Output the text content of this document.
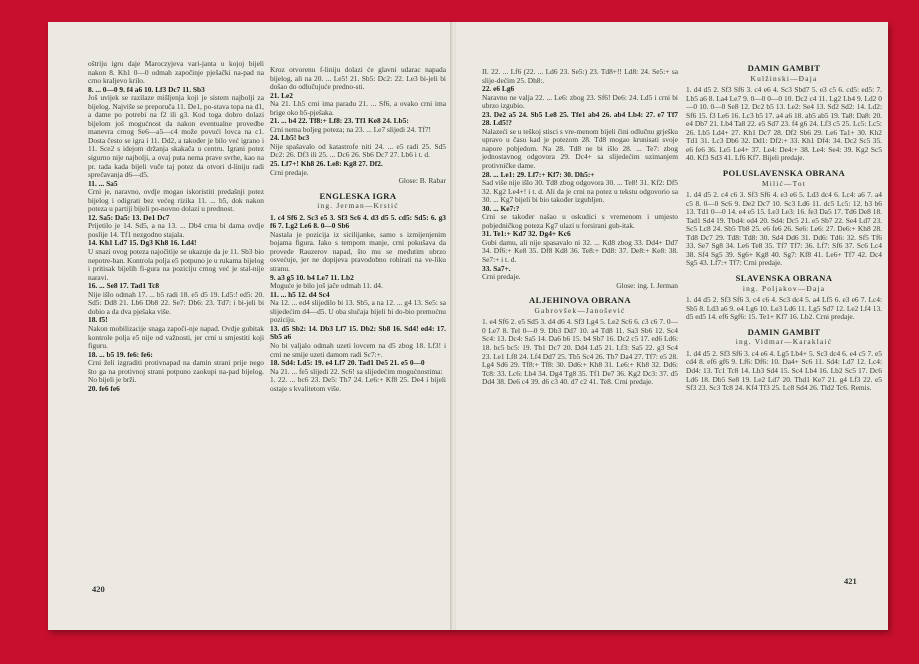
oštriju igru daje Maroczyjeva vari-janta u kojoj bijeli nakon 8. Kh1 0—0 odmah započinje pješački na-pad na crno kraljevo krilo.

8. ... 0—0 9. f4 a6 10. Lf3 Dc7 11. Sb3

Još uvijek se razilaze mišljenja koji je sistem najbolji za bijelog. Najviše se preporuča 11. De1, po-stava topa na d1, a dame po potrebi na f2 ili g3. Kod toga dobro dolazi bijelom još mogućnost da nakon eventualne provedbe manevra crnog Se6—a5—c4 može povući lovca na c1. Dosta često se igra i 11. Dd2, a također je bilo već igrano i 11. Sce2 s idejom držanja skakača u centru. Igrani potez sigurno nije najbolji, a ovaj puta nema prave svrhe, kao na pr. tada kada bijeli vuče taj potez da otvori d-liniju radi sprečavanja d6—d5.

11. ... Sa5

Crni je, naravno, ovdje mogao iskoristiti predašnji potez bijelog i odigrati bez većeg rizika 11. ... b5, dok nakon poteza u partiji bijeli po-novno dolazi u prednost.

12. Sa5: Da5: 13. De1 Dc7

Prijetilo je 14. Sd5, a na 13. ... Db4 crna bi dama ovdje poslije 14. Tf1 nezgodno stajala.

14. Kh1 Ld7 15. Dg3 Kh8 16. Ld4!

U snazi ovog poteza najočitije se ukazuje da je 11. Sb3 bio nepotre-ban. Kontrola polja e5 potpuno je u rukama bijelog i pritisak bijelih fi-gura na poziciju crnog već je stal-nije naravi.

16. ... Se8 17. Tad1 Tc8

Nije išlo odmah 17. ... b5 radi 18. e5 d5 19. Ld5:! ed5: 20. Sd5: Dd8 21. Lb6 Db8 22. Se7: Db6: 23. Td7: i bi-jeli bi dobio a da dva pješaka više.

18. f5!

Nakon mobilizacije snaga započi-nje napad. Ovdje gubitak kontrole polja e5 nije od važnosti, jer crni u smjestiti koji figuru.

18. ... b5 19. fe6: fe6:

Crni želi izgraditi protivnapad na damin strani prije nego što ga na protivnoj strani potpuno zaokupi na-pad bijelog. No bijeli je brži.

20. fe6 fe6

Kroz otvorenu f-liniju dolazi će glavni udarac napada bijelog, ali na 20. ... Le5! 21. Sb5: Dc2: 22. Le3 bi-jeli bi došao do odlučujuće predno-sti.

21. Le2

Na 21. Lh5 crni ima paradu 21. ... Sf6, a ovako crni ima brige oko b5-pješaka.

21. ... b4 22. Tf8:+ Lf8: 23. Tf1 Ke8 24. Lb5:

Crni nema boljeg poteza; na 23. ... Le7 slijedi 24. Tf7!

24. Lb5! bc3

Nije spašavalo od katastrofe niti 24. ... e5 radi 25. Sd5 Dc2: 26. Df3 ili 25. ... Dc6 26. Sb6 Dc7 27. Lb6 i t. d.

25. Lf7+! Kh8 26. Le8: Kg8 27. Df2.

Crni predaje.

Glose: B. Rabar

ENGLESKA IGRA

ing. Jerman—Krstić

1. c4 Sf6 2. Sc3 e5 3. Sf3 Sc6 4. d3 d5 5. cd5: Sd5: 6. g3 f6 7. Lg2 Le6 8. 0—0 Sb6

Nastala je pozicija iz sicilijanke, samo s izmijenjenim bojama figura. Iako s tempom manje, crni pokušava da provede Rauzerov napad, što mu se međutim ubrzo osvećuje, jer ne dopijeva pravodobno rohirati na ve-liku stranu.

9. a3 g5 10. b4 Le7 11. Lb2

Moguće je bilo još jače odmah 11. d4.

11. ... h5 12. d4 Sc4

Na 12. ... ed4 slijedilo bi 13. Sb5, a na 12. ... g4 13. Se5: sa slijedećim d4—d5. U oba slučaja bijeli bi do-bio premoćnu poziciju.

13. d5 Sb2: 14. Db3 Lf7 15. Db2: Sb8 16. Sd4! ed4: 17. Sb5 a6

No bi valjalo odmah uzeti lovcem na d5 zbog 18. Lf3! i crni ne smije uzeti damom radi Sc7:+.

18. Sd4: Ld5: 19. e4 Lf7 20. Tad1 De5 21. e5 0—0

Na 21. ... fe5 slijedi 22. Sc6! sa slijedećim mogućnostima:

1. 22. ... bc6 23. De5: Th7 24. Le6:+ Kf8 25. De4 i bijeli ostaje s kvalitetom više.

420

II. 22. ... Lf6 (22. ... Ld6 23. Se5:) 23. Td8+!! Ld8: 24. Se5:+ sa slije-dećim 25. Dh8:.

22. e6 Lg6

Naravno ne valja 22. ... Le6: zbog 23. Sf6! De6: 24. Ld5 i crni bi ubrzo izgubio.

23. De2 a5 24. Sb5 Le8 25. Tfe1 ab4 26. ab4 Lb4: 27. e7 Tf7 28. Ld5!?

Nalazeći se u teškoj stisci s vre-menom bijeli čini odlučnu grješku upravo u času kad je potezom 28. Td8 mogao krunisati svoje napore pobjedom. Na 28. Td8 ne bi išlo 28. ... Te7: zbog jednostavnog odgovora 29. Dc4+ sa slijedećim uzimanjem protivničke dame.

28. ... Le1: 29. Lf7:+ Kf7: 30. Dh5:+

Sad više nije išlo 30. Td8 zbog odgovora 30. ... Te8! 31. Kf2: Df5 32. Kg2 Le4+! i t. d. Ali da je crni na potez u tekstu odgovorio sa 30. ... Kg7 bijeli bi bio također izgubljen.

30. ... Ke7:?

Crni se također našao u oskudici s vremenom i umjesto pobjedničkog poteza Kg7 ulazi u forsirani gub-itak.

31. Te1:+ Kd7 32. Dg4+ Kc6

Gubi damu, ali nije spasavalo ni 32. ... Kd8 zbog 33. Dd4+ Dd7 34. Df6:+ Ke8 35. Df8 Kd8 36. Te8:+ Dd8: 37. De8:+ Ke8: 38. Se7:+ i t. d.

33. Sa7+.

Crni predaje.

Glose: ing. I. Jerman

ALJEHINOVA OBRANA

Gabrovšek—Janošević

1. e4 Sf6 2. e5 Sd5 3. d4 d6 4. Sf3 Lg4 5. Le2 Sc6 6. c3 c6 7. 0—0 Le7 8. Tel 0—0 9. Db3 Dd7 10. a4 Td8 11. Sa3 Sb6 12. Sc4 Sc4: 13. Dc4: Sa5 14. Da6 b6 15. b4 Sb7 16. Dc2 c5 17. ed6 Ld6: 18. bc5 bc5: 19. Tb1 Dc7 20. Dd4 Ld5 21. Lf3: Sa5 22. g3 Sc4 23. Le1 Lf8 24. Lf4 Dd7 25. Tb5 Sc4 26. Tb7 Da4 27. Tf7: e5 28. Lg4 Sd6 29. Tf8:+ Tf8: 30. Dd6:+ Kh8 31. Le6:+ Kh8 32. Dd6: Tc8: 33. Lc6: Lb4 34. Dg4 Tg8 35. Tf1 De7 36. Kg2 Dc3: 37. d5 Dd4 38. De6 c4 39. d6 c3 40. d7 c2 41. Te8. Crni predaje.

DAMIN GAMBIT

Kulžinski—Đaja

1. d4 d5 2. Sf3 Sf6 3. c4 e6 4. Sc3 Sbd7 5. e3 c5 6. cd5: ed5: 7. Lb5 a6 8. La4 Le7 9. 0—0 0—0 10. Dc2 c4 11. Lg2 Lb4 9. Ld2 0—0 10. 0—0 Se8 12. Dc2 b5 13. Le2: Se4 13. Sd2 Sd2: 14. Ld2: Sf6 15. f3 Le6 16. Lc3 b5 17. a4 a6 18. ab5 ab5 19. Ta8: Da8: 20. e4 Db7 21. Lb4 Ta8 22. e5 Sd7 23. f4 g6 24. Lf3 c5 25. Lc5: Lc5: 26. Lb5 Ld4+ 27. Kh1 Dc7 28. Df2 Sb6 29. Le6 Ta1+ 30. Kh2 Td1 31. Lc3 Db6 32. Dd1: Df2:+ 33. Kh1 Df4: 34. Dc2 Sc5 35. e6 fe6 36. Le5 Le4+ 37. Le4: De4:+ 38. Le4: Se4: 39. Kg2 Sc5 40. Kf3 Sd3 41. Lf6 Kf7. Bijeli predaje.

POLUSLAVENSKA OBRANA

Milić—Tot

1. d4 d5 2. c4 c6 3. Sf3 Sf6 4. e3 e6 5. Ld3 dc4 6. Lc4: a6 7. a4 c5 8. 0—0 Sc6 9. De2 Dc7 10. Sc3 Ld6 11. dc5 Lc5: 12. b3 b6 13. Td1 0—0 14. e4 e5 15. Le3 Le3: 16. fe3 Da5 17. Td6 De8 18. Tad1 Sd4 19. Tbd4: ed4 20. Sd4: Dc5 21. e5 Sb7 22. Se4 Ld7 23. Sc5 Lc8 24. Sb5 Tb8 25. e6 fe6 26. Se6: Le6: 27. De6:+ Kh8 28. Td8 Dc7 29. Td8: Td8: 30. Sd4 Dd6 31. Dd6: Td6: 32. Sf5 Tf6 33. Se7 Sg8 34. Le6 Te8 35. Tf7 Tf7: 36. Lf7: Sf6 37. Sc6 Lc4 38. Sf4 Sg5 39. Sg6+ Kg8 40. Sg7: Kf8 41. Le6+ Tf7 42. Dc4 Sg5 43. Lf7:+ Tf7: Crni predaje.

SLAVENSKA OBRANA

ing. Poljakov—Đaja

1. d4 d5 2. Sf3 Sf6 3. c4 c6 4. Sc3 dc4 5. a4 Lf5 6. e3 e6 7. Lc4: Sb5 8. Ld3 a6 9. e4 Lg6 10. Le3 Ld6 11. Lg5 Sd7 12. Le2 Lf4 13. d5 ed5 14. ef6 Sgf6: 15. Te1+ Kf7 16. Lb2. Crni predaje.

DAMIN GAMBIT

ing. Vidmar—Karaklaić

1. d4 d5 2. Sf3 Sf6 3. c4 e6 4. Lg5 Lb4+ 5. Sc3 dc4 6. e4 c5 7. e5 cd4 8. ef6 gf6 9. Lf6: Df6: 10. Da4+ Sc6 11. Sd4: Ld7 12. Lc4: Dd4: 13. Tc1 Tc8 14. Lb3 Sd4 15. Sc4 Lb4 16. Lb2 Sc5 17. Dc6 Ld6 18. Db5 Se8 19. Le2 Ld7 20. Thd1 Ke7 21. g4 Lf3 22. e5 Sf3 23. Sc3 Tc8 24. Kf4 Tf3 25. Lc8 Sd4 26. Tld2 Tc6. Remis.

421
